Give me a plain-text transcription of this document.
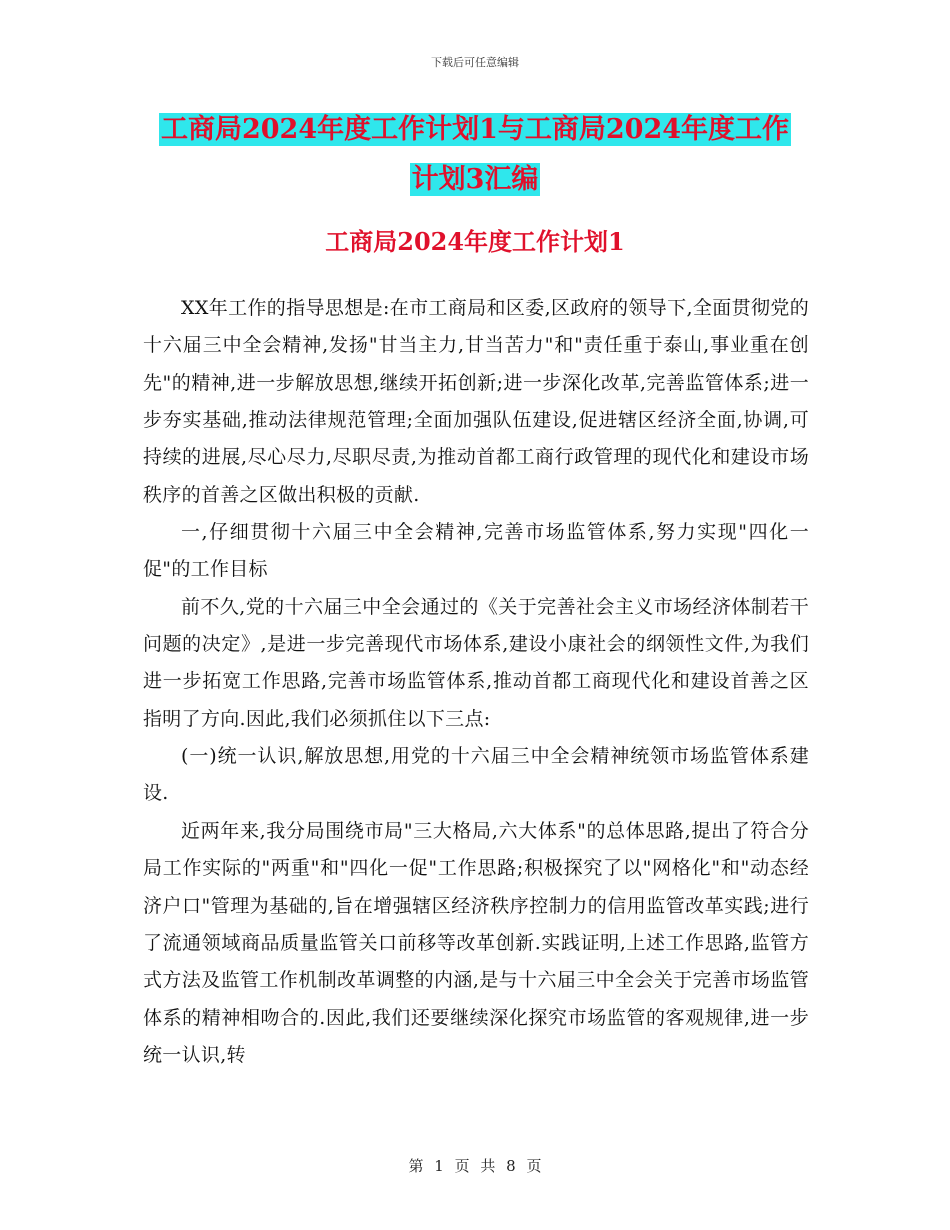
下载后可任意编辑
工商局2024年度工作计划1与工商局2024年度工作
计划3汇编
工商局2024年度工作计划1

XX年工作的指导思想是:在市工商局和区委,区政府的领导下,全面贯彻党的十六届三中全会精神,发扬"甘当主力,甘当苦力"和"责任重于泰山,事业重在创先"的精神,进一步解放思想,继续开拓创新;进一步深化改革,完善监管体系;进一步夯实基础,推动法律规范管理;全面加强队伍建设,促进辖区经济全面,协调,可持续的进展,尽心尽力,尽职尽责,为推动首都工商行政管理的现代化和建设市场秩序的首善之区做出积极的贡献.

一,仔细贯彻十六届三中全会精神,完善市场监管体系,努力实现"四化一促"的工作目标

前不久,党的十六届三中全会通过的《关于完善社会主义市场经济体制若干问题的决定》,是进一步完善现代市场体系,建设小康社会的纲领性文件,为我们进一步拓宽工作思路,完善市场监管体系,推动首都工商现代化和建设首善之区指明了方向.因此,我们必须抓住以下三点:

(一)统一认识,解放思想,用党的十六届三中全会精神统领市场监管体系建设.

近两年来,我分局围绕市局"三大格局,六大体系"的总体思路,提出了符合分局工作实际的"两重"和"四化一促"工作思路;积极探究了以"网格化"和"动态经济户口"管理为基础的,旨在增强辖区经济秩序控制力的信用监管改革实践;进行了流通领域商品质量监管关口前移等改革创新.实践证明,上述工作思路,监管方式方法及监管工作机制改革调整的内涵,是与十六届三中全会关于完善市场监管体系的精神相吻合的.因此,我们还要继续深化探究市场监管的客观规律,进一步统一认识,转

第 1 页 共 8 页
